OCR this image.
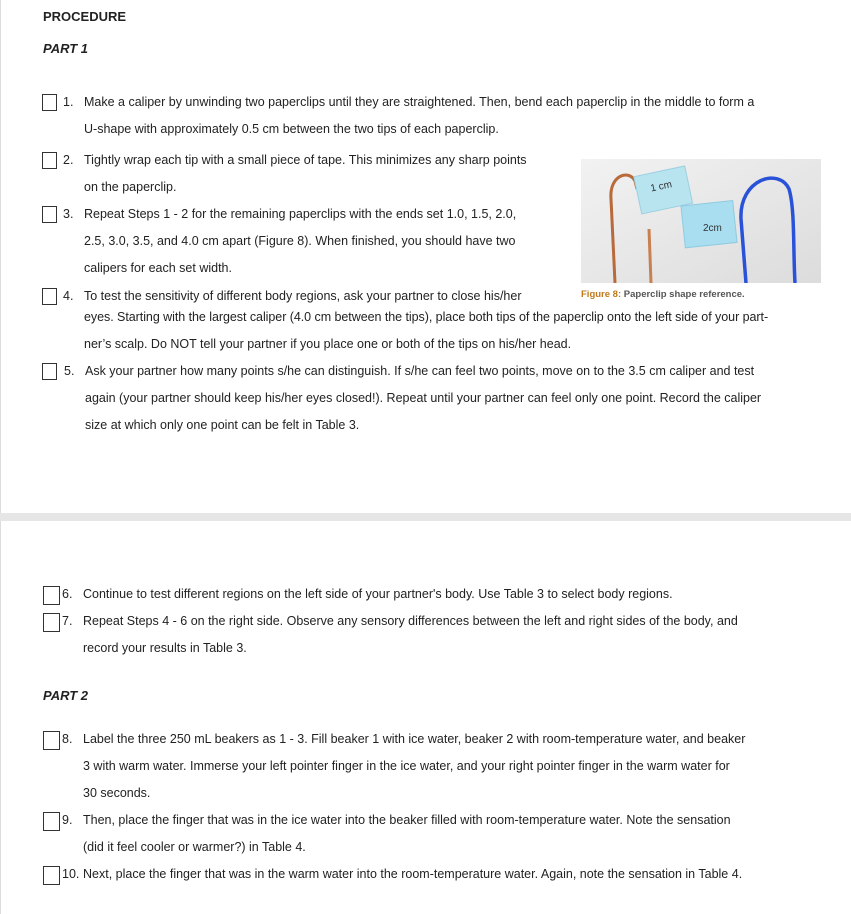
PROCEDURE
PART 1
1. Make a caliper by unwinding two paperclips until they are straightened. Then, bend each paperclip in the middle to form a
U-shape with approximately 0.5 cm between the two tips of each paperclip.
2. Tightly wrap each tip with a small piece of tape. This minimizes any sharp points
on the paperclip.
3. Repeat Steps 1 - 2 for the remaining paperclips with the ends set 1.0, 1.5, 2.0,
2.5, 3.0, 3.5, and 4.0 cm apart (Figure 8). When finished, you should have two
calipers for each set width.
4. To test the sensitivity of different body regions, ask your partner to close his/her
eyes. Starting with the largest caliper (4.0 cm between the tips), place both tips of the paperclip onto the left side of your part-
ner’s scalp. Do NOT tell your partner if you place one or both of the tips on his/her head.
5. Ask your partner how many points s/he can distinguish. If s/he can feel two points, move on to the 3.5 cm caliper and test
again (your partner should keep his/her eyes closed!). Repeat until your partner can feel only one point. Record the caliper
size at which only one point can be felt in Table 3.
1 cm
2cm
Figure 8: Paperclip shape reference.
6. Continue to test different regions on the left side of your partner's body. Use Table 3 to select body regions.
7. Repeat Steps 4 - 6 on the right side. Observe any sensory differences between the left and right sides of the body, and
record your results in Table 3.
PART 2
8. Label the three 250 mL beakers as 1 - 3. Fill beaker 1 with ice water, beaker 2 with room-temperature water, and beaker
3 with warm water. Immerse your left pointer finger in the ice water, and your right pointer finger in the warm water for
30 seconds.
9. Then, place the finger that was in the ice water into the beaker filled with room-temperature water. Note the sensation
(did it feel cooler or warmer?) in Table 4.
10. Next, place the finger that was in the warm water into the room-temperature water. Again, note the sensation in Table 4.
